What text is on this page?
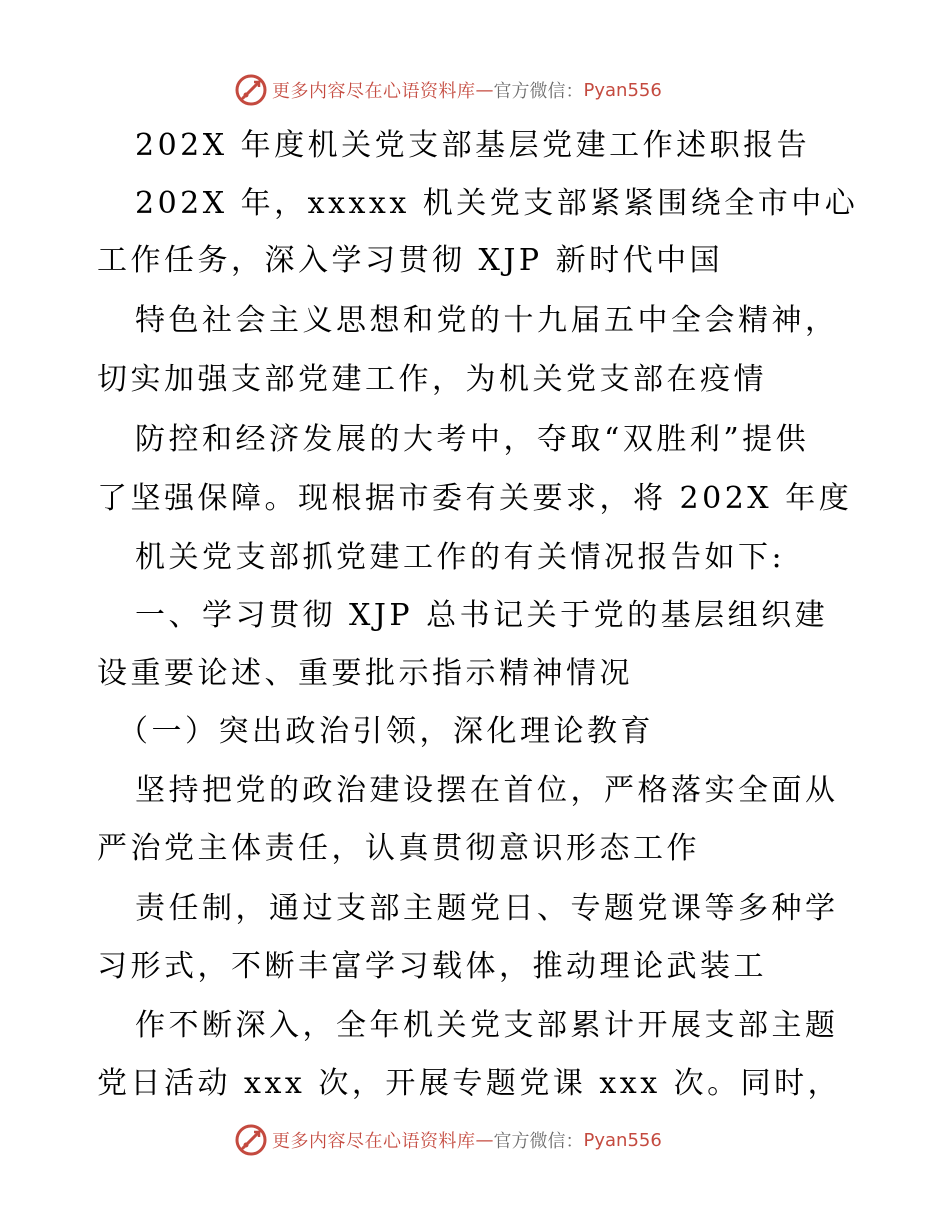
更多内容尽在心语资料库 — 官方微信： Pyan556
202X 年度机关党支部基层党建工作述职报告
202X 年，xxxxx 机关党支部紧紧围绕全市中心
工作任务，深入学习贯彻 XJP 新时代中国
特色社会主义思想和党的十九届五中全会精神，
切实加强支部党建工作，为机关党支部在疫情
防控和经济发展的大考中，夺取“双胜利”提供
了坚强保障。现根据市委有关要求，将 202X 年度
机关党支部抓党建工作的有关情况报告如下:
一、学习贯彻 XJP 总书记关于党的基层组织建
设重要论述、重要批示指示精神情况
（一）突出政治引领，深化理论教育
坚持把党的政治建设摆在首位，严格落实全面从
严治党主体责任，认真贯彻意识形态工作
责任制，通过支部主题党日、专题党课等多种学
习形式，不断丰富学习载体，推动理论武装工
作不断深入，全年机关党支部累计开展支部主题
党日活动 xxx 次，开展专题党课 xxx 次。同时，
更多内容尽在心语资料库 — 官方微信： Pyan556
